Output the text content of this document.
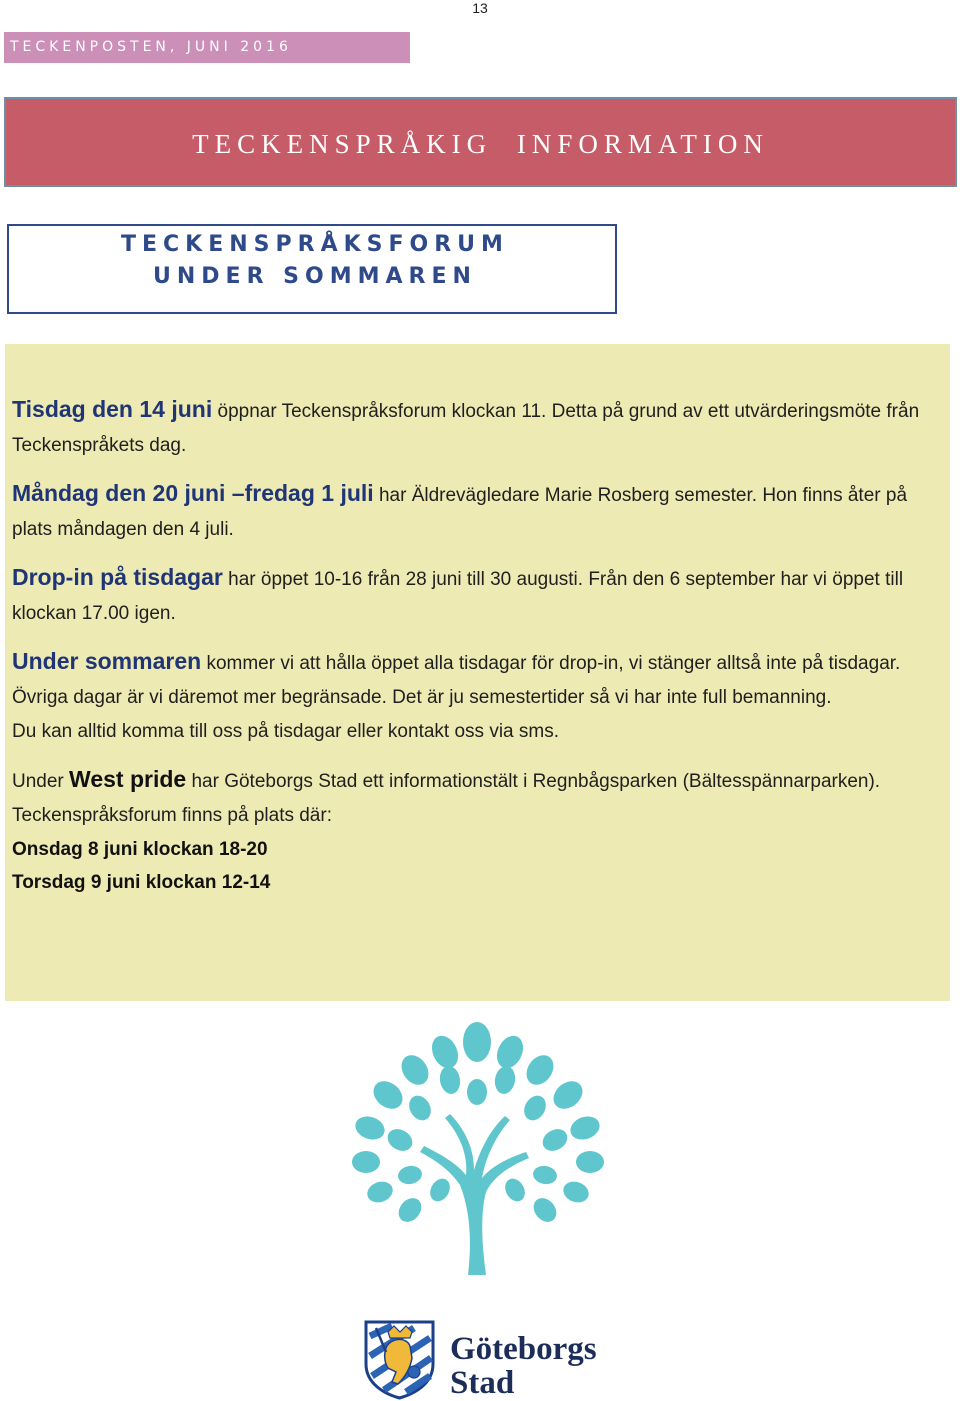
13
TECKENPOSTEN, JUNI 2016
TECKENSPRÅKIG INFORMATION
TECKENSPRÅKSFORUM
UNDER SOMMAREN

Tisdag den 14 juni öppnar Teckenspråksforum klockan 11. Detta på grund av ett utvärderingsmöte från Teckenspråkets dag.

Måndag den 20 juni –fredag 1 juli har Äldrevägledare Marie Rosberg semester. Hon finns åter på plats måndagen den 4 juli.

Drop-in på tisdagar har öppet 10-16 från 28 juni till 30 augusti. Från den 6 september har vi öppet till klockan 17.00 igen.

Under sommaren kommer vi att hålla öppet alla tisdagar för drop-in, vi stänger alltså inte på tisdagar. Övriga dagar är vi däremot mer begränsade. Det är ju semestertider så vi har inte full bemanning.

Du kan alltid komma till oss på tisdagar eller kontakt oss via sms.

Under West pride har Göteborgs Stad ett informationstält i Regnbågsparken (Bältesspännarparken). Teckenspråksforum finns på plats där:

Onsdag 8 juni klockan 18-20

Torsdag 9 juni klockan 12-14

Göteborgs
Stad
